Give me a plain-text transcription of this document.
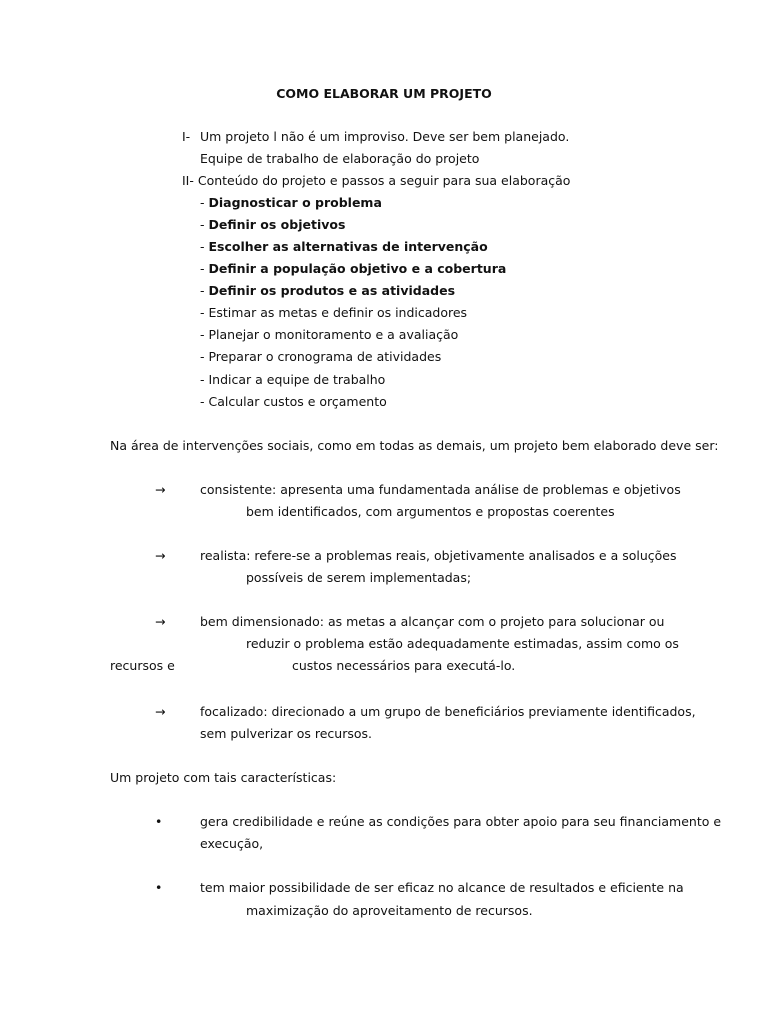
COMO ELABORAR UM PROJETO
I- Um projeto l não é um improviso. Deve ser bem planejado.
Equipe de trabalho de elaboração do projeto
II- Conteúdo do projeto e passos a seguir para sua elaboração
- Diagnosticar o problema
- Definir os objetivos
- Escolher as alternativas de intervenção
- Definir a população objetivo e a cobertura
- Definir os produtos e as atividades
- Estimar as metas e definir os indicadores
- Planejar o monitoramento e a avaliação
- Preparar o cronograma de atividades
- Indicar a equipe de trabalho
- Calcular custos e orçamento
Na área de intervenções sociais, como em todas as demais, um projeto bem elaborado deve ser:
→	consistente: apresenta uma fundamentada análise de problemas e objetivos
bem identificados, com argumentos e propostas coerentes
→	realista: refere-se a problemas reais, objetivamente analisados e a soluções
possíveis de serem implementadas;
→	bem dimensionado: as metas a alcançar com o projeto para solucionar ou
reduzir o problema estão adequadamente estimadas, assim como os
recursos e	custos necessários para executá-lo.
→	focalizado: direcionado a um grupo de beneficiários previamente identificados,
sem pulverizar os recursos.
Um projeto com tais características:
•	gera credibilidade e reúne as condições para obter apoio para seu financiamento e
execução,
•	tem maior possibilidade de ser eficaz no alcance de resultados e eficiente na
maximização do aproveitamento de recursos.
